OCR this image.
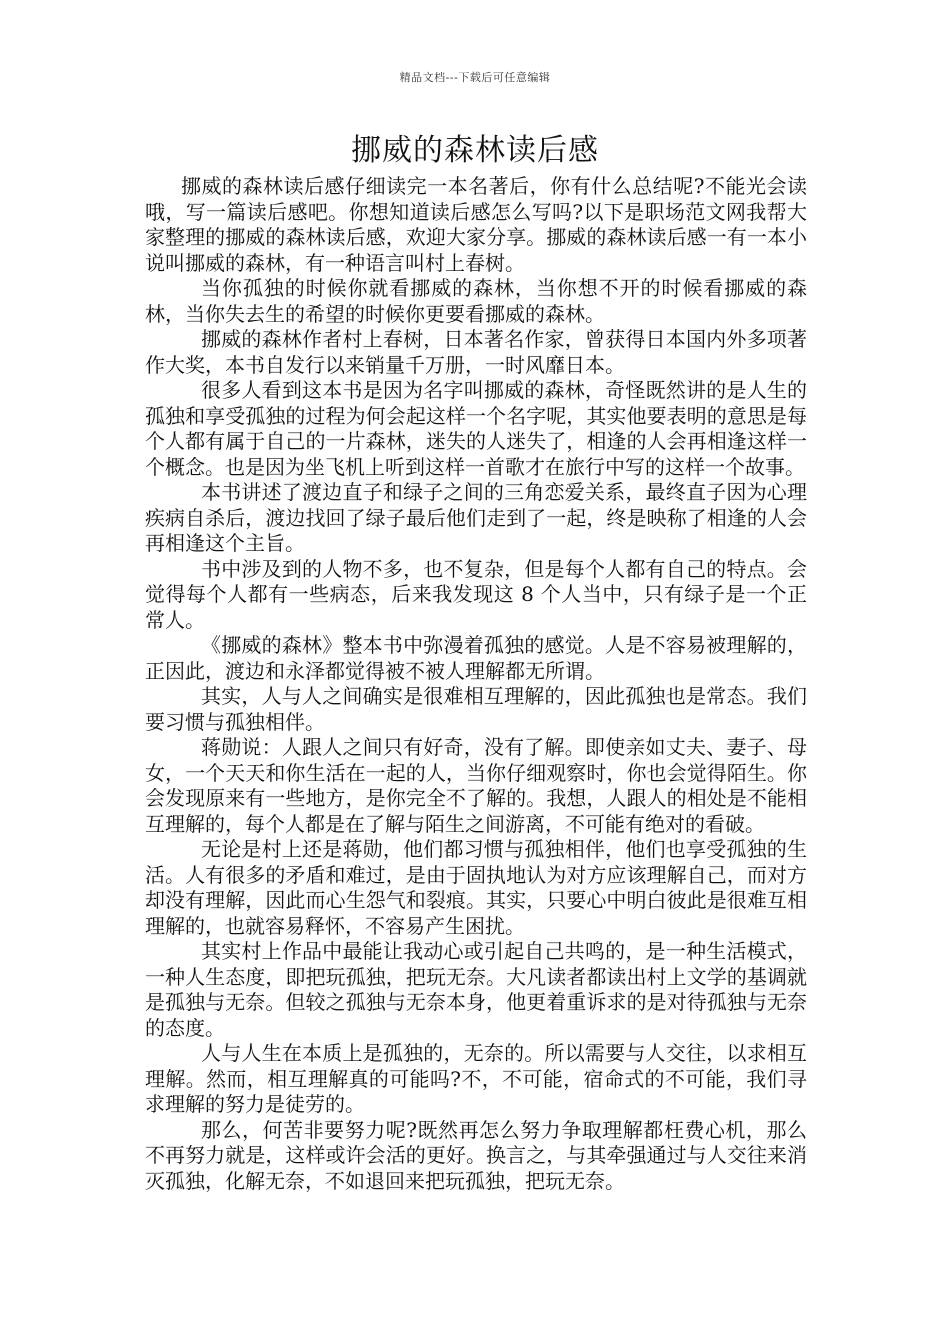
精品文档---下载后可任意编辑
挪威的森林读后感

挪威的森林读后感仔细读完一本名著后，你有什么总结呢?不能光会读哦，写一篇读后感吧。你想知道读后感怎么写吗?以下是职场范文网我帮大家整理的挪威的森林读后感，欢迎大家分享。挪威的森林读后感一有一本小说叫挪威的森林，有一种语言叫村上春树。

当你孤独的时候你就看挪威的森林，当你想不开的时候看挪威的森林，当你失去生的希望的时候你更要看挪威的森林。

挪威的森林作者村上春树，日本著名作家，曾获得日本国内外多项著作大奖，本书自发行以来销量千万册，一时风靡日本。

很多人看到这本书是因为名字叫挪威的森林，奇怪既然讲的是人生的孤独和享受孤独的过程为何会起这样一个名字呢，其实他要表明的意思是每个人都有属于自己的一片森林，迷失的人迷失了，相逢的人会再相逢这样一个概念。也是因为坐飞机上听到这样一首歌才在旅行中写的这样一个故事。

本书讲述了渡边直子和绿子之间的三角恋爱关系，最终直子因为心理疾病自杀后，渡边找回了绿子最后他们走到了一起，终是映称了相逢的人会再相逢这个主旨。

书中涉及到的人物不多，也不复杂，但是每个人都有自己的特点。会觉得每个人都有一些病态，后来我发现这 8 个人当中，只有绿子是一个正常人。

《挪威的森林》整本书中弥漫着孤独的感觉。人是不容易被理解的，正因此，渡边和永泽都觉得被不被人理解都无所谓。

其实，人与人之间确实是很难相互理解的，因此孤独也是常态。我们要习惯与孤独相伴。

蒋勋说：人跟人之间只有好奇，没有了解。即使亲如丈夫、妻子、母女，一个天天和你生活在一起的人，当你仔细观察时，你也会觉得陌生。你会发现原来有一些地方，是你完全不了解的。我想，人跟人的相处是不能相互理解的，每个人都是在了解与陌生之间游离，不可能有绝对的看破。

无论是村上还是蒋勋，他们都习惯与孤独相伴，他们也享受孤独的生活。人有很多的矛盾和难过，是由于固执地认为对方应该理解自己，而对方却没有理解，因此而心生怨气和裂痕。其实，只要心中明白彼此是很难互相理解的，也就容易释怀，不容易产生困扰。

其实村上作品中最能让我动心或引起自己共鸣的，是一种生活模式，一种人生态度，即把玩孤独，把玩无奈。大凡读者都读出村上文学的基调就是孤独与无奈。但较之孤独与无奈本身，他更着重诉求的是对待孤独与无奈的态度。

人与人生在本质上是孤独的，无奈的。所以需要与人交往，以求相互理解。然而，相互理解真的可能吗?不，不可能，宿命式的不可能，我们寻求理解的努力是徒劳的。

那么，何苦非要努力呢?既然再怎么努力争取理解都枉费心机，那么不再努力就是，这样或许会活的更好。换言之，与其牵强通过与人交往来消灭孤独，化解无奈，不如退回来把玩孤独，把玩无奈。
